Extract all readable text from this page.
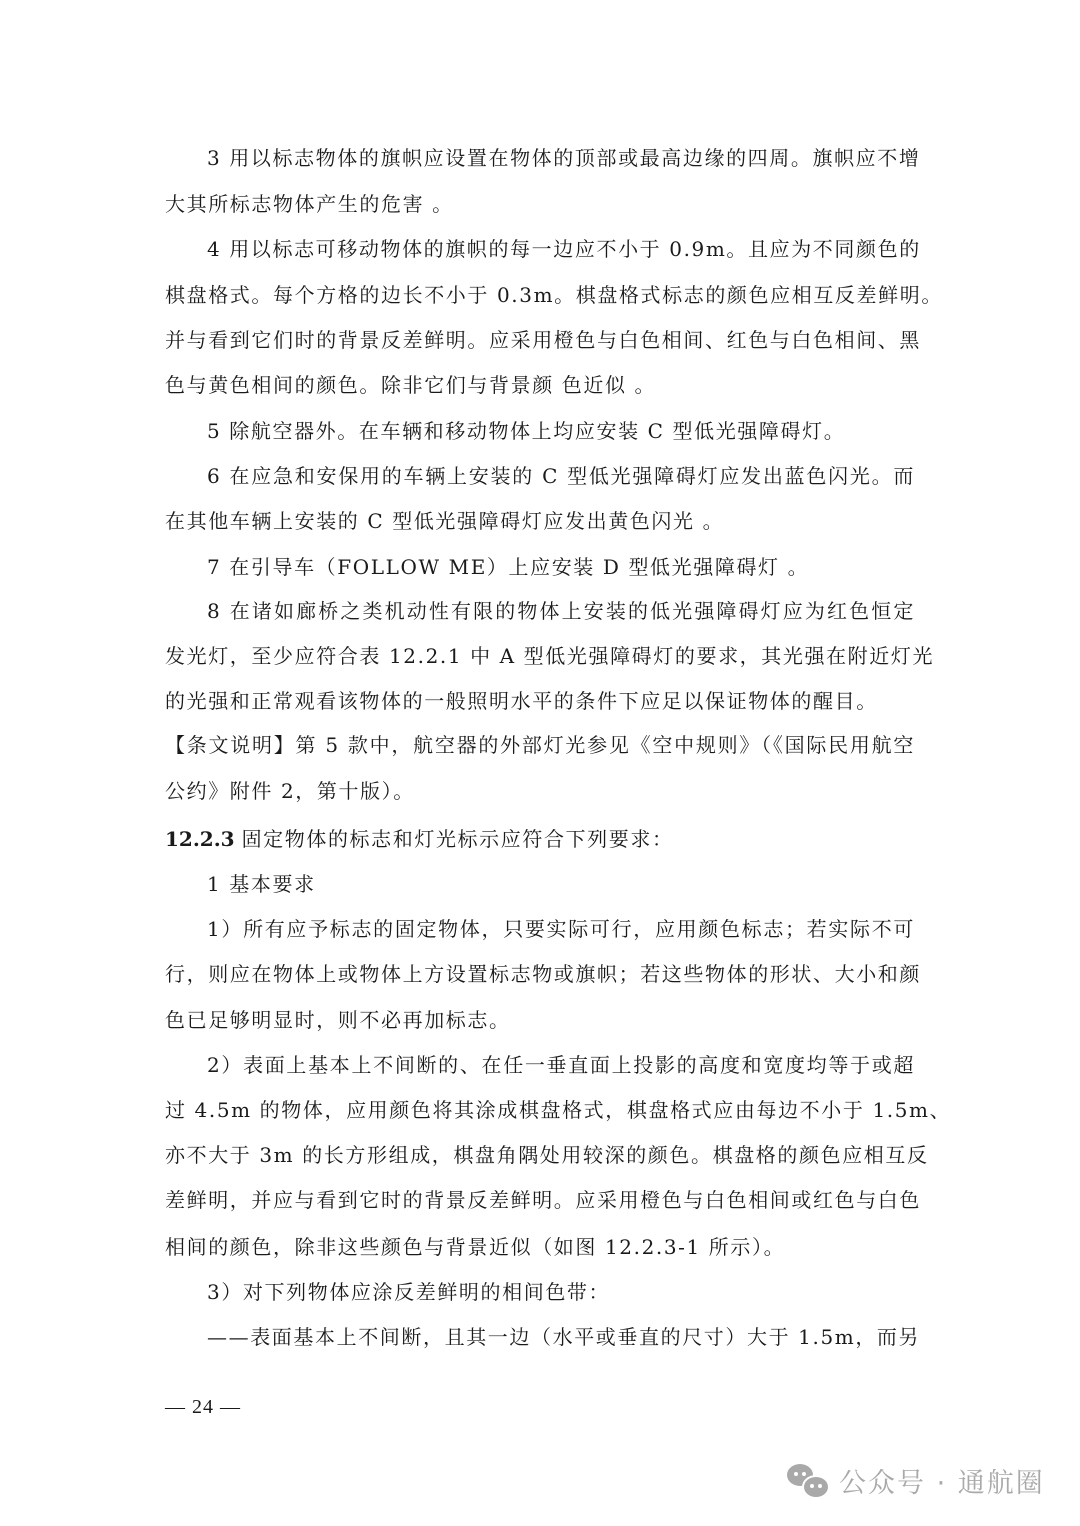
3 用以标志物体的旗帜应设置在物体的顶部或最高边缘的四周。旗帜应不增
大其所标志物体产生的危害 。
4 用以标志可移动物体的旗帜的每一边应不小于 0.9m。且应为不同颜色的
棋盘格式。每个方格的边长不小于 0.3m。棋盘格式标志的颜色应相互反差鲜明。
并与看到它们时的背景反差鲜明。应采用橙色与白色相间、红色与白色相间、黑
色与黄色相间的颜色。除非它们与背景颜 色近似 。
5 除航空器外。在车辆和移动物体上均应安装 C 型低光强障碍灯。
6 在应急和安保用的车辆上安装的 C 型低光强障碍灯应发出蓝色闪光。而
在其他车辆上安装的 C 型低光强障碍灯应发出黄色闪光 。
7 在引导车（FOLLOW ME）上应安装 D 型低光强障碍灯 。
8 在诸如廊桥之类机动性有限的物体上安装的低光强障碍灯应为红色恒定
发光灯，至少应符合表 12.2.1 中 A 型低光强障碍灯的要求，其光强在附近灯光
的光强和正常观看该物体的一般照明水平的条件下应足以保证物体的醒目。
【条文说明】第 5 款中，航空器的外部灯光参见《空中规则》（《国际民用航空
公约》附件 2，第十版）。
12.2.3 固定物体的标志和灯光标示应符合下列要求：
1 基本要求
1）所有应予标志的固定物体，只要实际可行，应用颜色标志；若实际不可
行，则应在物体上或物体上方设置标志物或旗帜；若这些物体的形状、大小和颜
色已足够明显时，则不必再加标志。
2）表面上基本上不间断的、在任一垂直面上投影的高度和宽度均等于或超
过 4.5m 的物体，应用颜色将其涂成棋盘格式，棋盘格式应由每边不小于 1.5m、
亦不大于 3m 的长方形组成，棋盘角隅处用较深的颜色。棋盘格的颜色应相互反
差鲜明，并应与看到它时的背景反差鲜明。应采用橙色与白色相间或红色与白色
相间的颜色，除非这些颜色与背景近似（如图 12.2.3-1 所示）。
3）对下列物体应涂反差鲜明的相间色带：
——表面基本上不间断，且其一边（水平或垂直的尺寸）大于 1.5m，而另
— 24 —
公众号 · 通航圈
